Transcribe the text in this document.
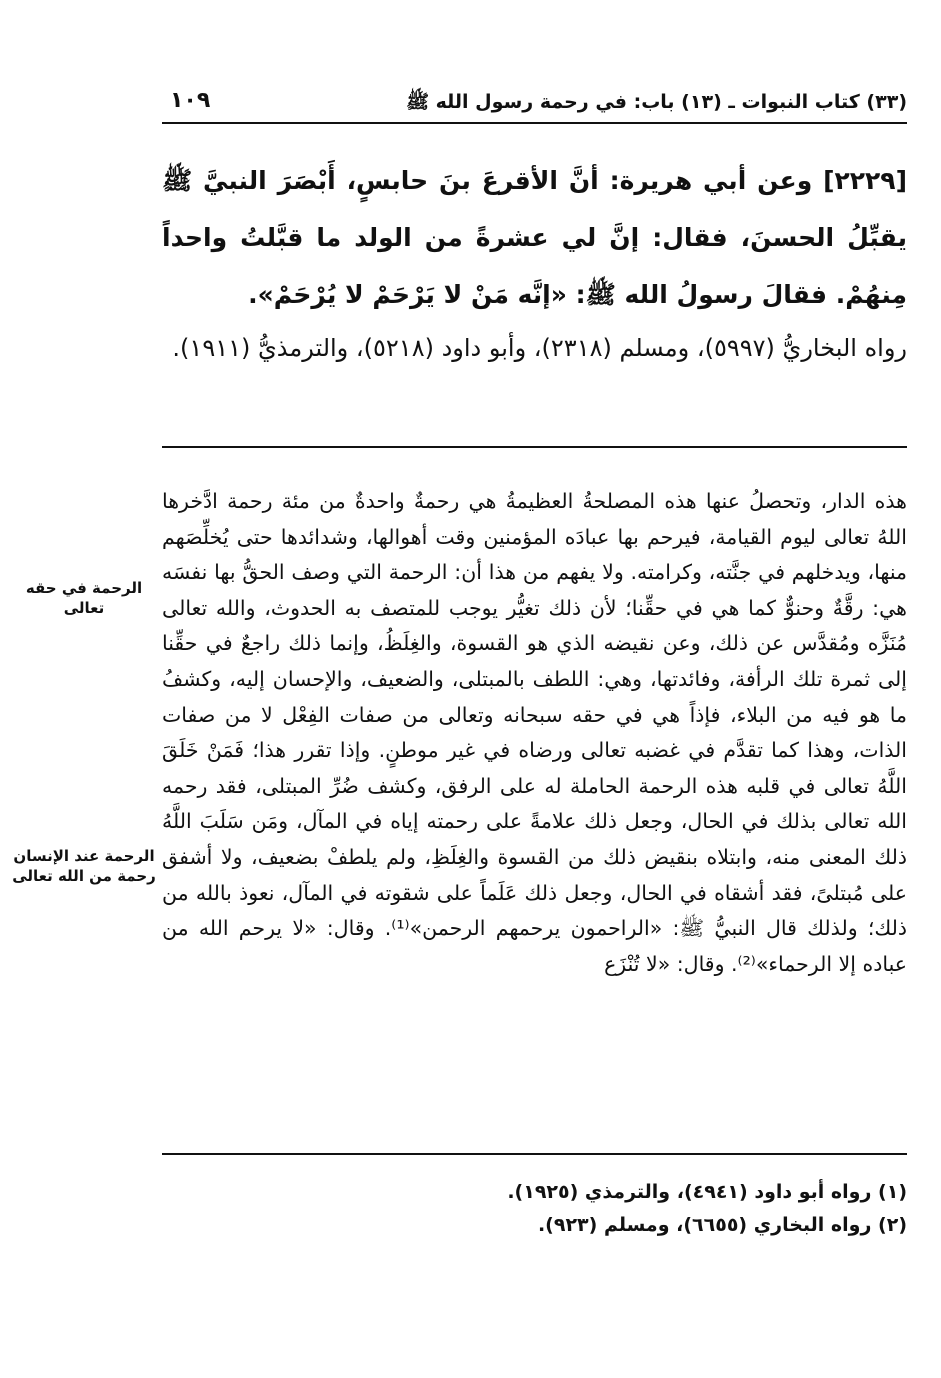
(٣٣) كتاب النبوات ـ (١٣) باب: في رحمة رسول الله ﷺ
١٠٩
[٢٢٢٩] وعن أبي هريرة: أنَّ الأقرعَ بنَ حابسٍ، أَبْصَرَ النبيَّ ﷺ يقبِّلُ الحسنَ، فقال: إنَّ لي عشرةً من الولد ما قبَّلتُ واحداً مِنهُمْ. فقالَ رسولُ الله ﷺ: «إنَّه مَنْ لا يَرْحَمْ لا يُرْحَمْ».
رواه البخاريُّ (٥٩٩٧)، ومسلم (٢٣١٨)، وأبو داود (٥٢١٨)، والترمذيُّ (١٩١١).
هذه الدار، وتحصلُ عنها هذه المصلحةُ العظيمةُ هي رحمةٌ واحدةٌ من مئة رحمة ادَّخرها اللهُ تعالى ليوم القيامة، فيرحم بها عبادَه المؤمنين وقت أهوالها، وشدائدها حتى يُخلِّصَهم منها، ويدخلهم في جنَّته، وكرامته. ولا يفهم من هذا أن: الرحمة التي وصف الحقُّ بها نفسَه هي: رقَّةٌ وحنوٌّ كما هي في حقِّنا؛ لأن ذلك تغيُّر يوجب للمتصف به الحدوث، والله تعالى مُنَزَّه ومُقدَّس عن ذلك، وعن نقيضه الذي هو القسوة، والغِلَظُ، وإنما ذلك راجعٌ في حقِّنا إلى ثمرة تلك الرأفة، وفائدتها، وهي: اللطف بالمبتلى، والضعيف، والإحسان إليه، وكشفُ ما هو فيه من البلاء، فإذاً هي في حقه سبحانه وتعالى من صفات الفِعْل لا من صفات الذات، وهذا كما تقدَّم في غضبه تعالى ورضاه في غير موطنٍ. وإذا تقرر هذا؛ فَمَنْ خَلَقَ اللَّهُ تعالى في قلبه هذه الرحمة الحاملة له على الرفق، وكشف ضُرِّ المبتلى، فقد رحمه الله تعالى بذلك في الحال، وجعل ذلك علامةً على رحمته إياه في المآل، ومَن سَلَبَ اللَّهُ ذلك المعنى منه، وابتلاه بنقيض ذلك من القسوة والغِلَظِ، ولم يلطفْ بضعيف، ولا أشفق على مُبتلىً، فقد أشقاه في الحال، وجعل ذلك عَلَماً على شقوته في المآل، نعوذ بالله من ذلك؛ ولذلك قال النبيُّ ﷺ: «الراحمون يرحمهم الرحمن»⁽¹⁾. وقال: «لا يرحم الله من عباده إلا الرحماء»⁽²⁾. وقال: «لا تُنْزَع
الرحمة في حقه تعالى
الرحمة عند الإنسان رحمة من الله تعالى
(١) رواه أبو داود (٤٩٤١)، والترمذي (١٩٢٥).
(٢) رواه البخاري (٦٦٥٥)، ومسلم (٩٢٣).
